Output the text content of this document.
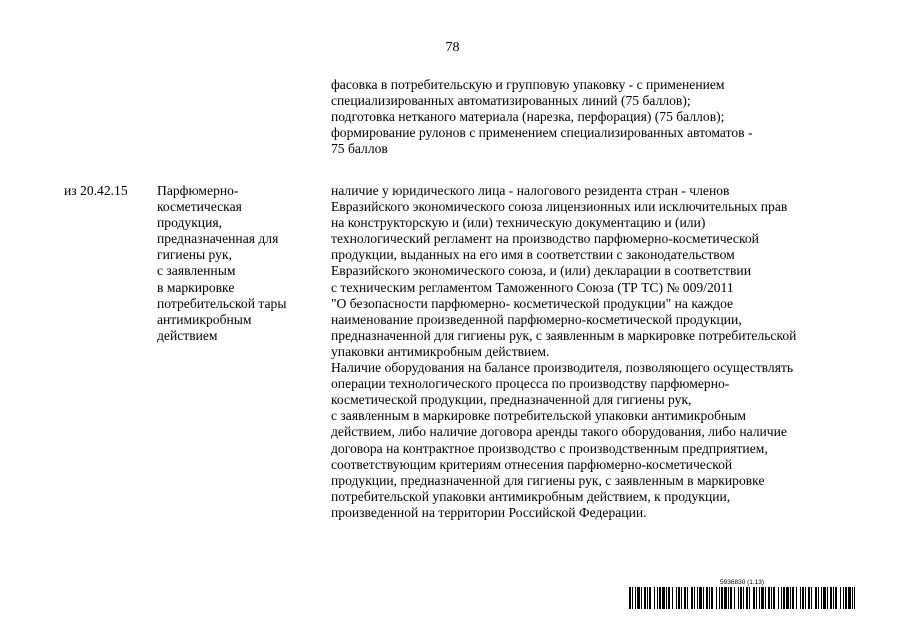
78
фасовка в потребительскую и групповую упаковку - с применением
специализированных автоматизированных линий (75 баллов);
подготовка нетканого материала (нарезка, перфорация) (75 баллов);
формирование рулонов с применением специализированных автоматов -
75 баллов
из 20.42.15 Парфюмерно-
косметическая
продукция,
предназначенная для
гигиены рук,
с заявленным
в маркировке
потребительской тары
антимикробным
действием
наличие у юридического лица - налогового резидента стран - членов
Евразийского экономического союза лицензионных или исключительных прав
на конструкторскую и (или) техническую документацию и (или)
технологический регламент на производство парфюмерно-косметической
продукции, выданных на его имя в соответствии с законодательством
Евразийского экономического союза, и (или) декларации в соответствии
с техническим регламентом Таможенного Союза (ТР ТС) № 009/2011
"О безопасности парфюмерно- косметической продукции" на каждое
наименование произведенной парфюмерно-косметической продукции,
предназначенной для гигиены рук, с заявленным в маркировке потребительской
упаковки антимикробным действием.
Наличие оборудования на балансе производителя, позволяющего осуществлять
операции технологического процесса по производству парфюмерно-
косметической продукции, предназначенной для гигиены рук,
с заявленным в маркировке потребительской упаковки антимикробным
действием, либо наличие договора аренды такого оборудования, либо наличие
договора на контрактное производство с производственным предприятием,
соответствующим критериям отнесения парфюмерно-косметической
продукции, предназначенной для гигиены рук, с заявленным в маркировке
потребительской упаковки антимикробным действием, к продукции,
произведенной на территории Российской Федерации.
5936830 (1.13)
